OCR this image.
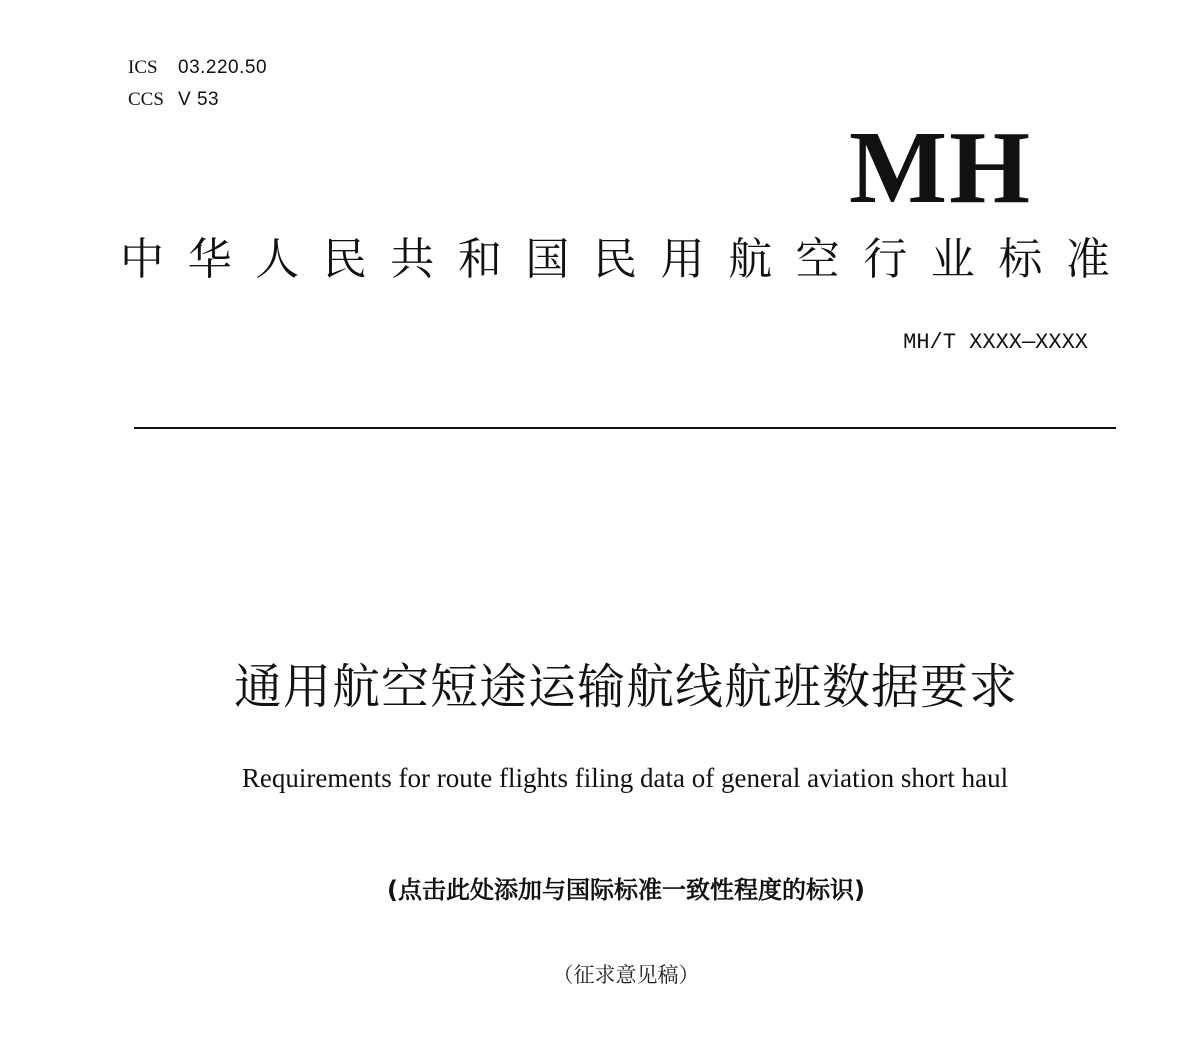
ICS 03.220.50
CCS V 53
MH
中 华 人 民 共 和 国 民 用 航 空 行 业 标 准
MH/T XXXX—XXXX
通用航空短途运输航线航班数据要求
Requirements for route flights filing data of general aviation short haul
(点击此处添加与国际标准一致性程度的标识)
（征求意见稿）
